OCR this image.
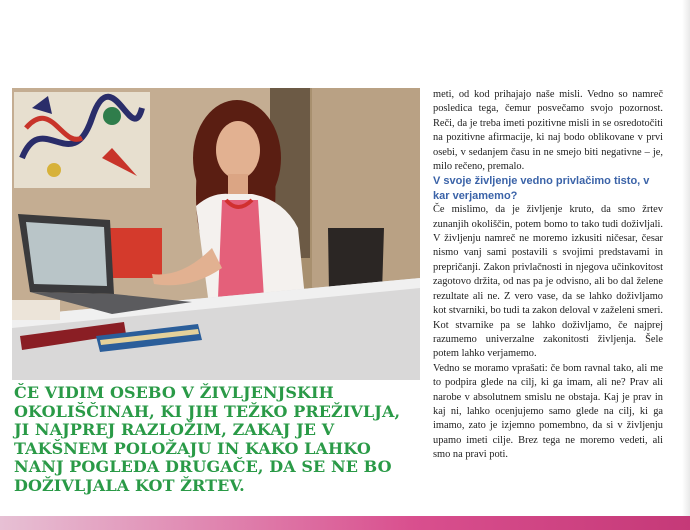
ČE VIDIM OSEBO V ŽIVLJENJSKIH OKOLIŠČINAH, KI JIH TEŽKO PREŽIVLJA, JI NAJPREJ RAZLOŽIM, ZAKAJ JE V TAKŠNEM POLOŽAJU IN KAKO LAHKO NANJ POGLEDA DRUGAČE, DA SE NE BO DOŽIVLJALA KOT ŽRTEV.

meti, od kod prihajajo naše misli. Vedno so namreč posledica tega, čemur posvečamo svojo pozornost. Reči, da je treba imeti pozitivne misli in se osredotočiti na pozitivne afirmacije, ki naj bodo oblikovane v prvi osebi, v sedanjem času in ne smejo biti negativne – je, milo rečeno, premalo.

V svoje življenje vedno privlačimo tisto, v kar verjamemo?

Če mislimo, da je življenje kruto, da smo žrtev zunanjih okoliščin, potem bomo to tako tudi doživljali. V življenju namreč ne moremo izkusiti ničesar, česar nismo vanj sami postavili s svojimi predstavami in prepričanji. Zakon privlačnosti in njegova učinkovitost zagotovo držita, od nas pa je odvisno, ali bo dal želene rezultate ali ne. Z vero vase, da se lahko doživljamo kot stvarniki, bo tudi ta zakon deloval v zaželeni smeri. Kot stvarnike pa se lahko doživljamo, če najprej razumemo univerzalne zakonitosti življenja. Šele potem lahko verjamemo.

Vedno se moramo vprašati: če bom ravnal tako, ali me to podpira glede na cilj, ki ga imam, ali ne? Prav ali narobe v absolutnem smislu ne obstaja. Kaj je prav in kaj ni, lahko ocenjujemo samo glede na cilj, ki ga imamo, zato je izjemno pomembno, da si v življenju upamo imeti cilje. Brez tega ne moremo vedeti, ali smo na pravi poti.
